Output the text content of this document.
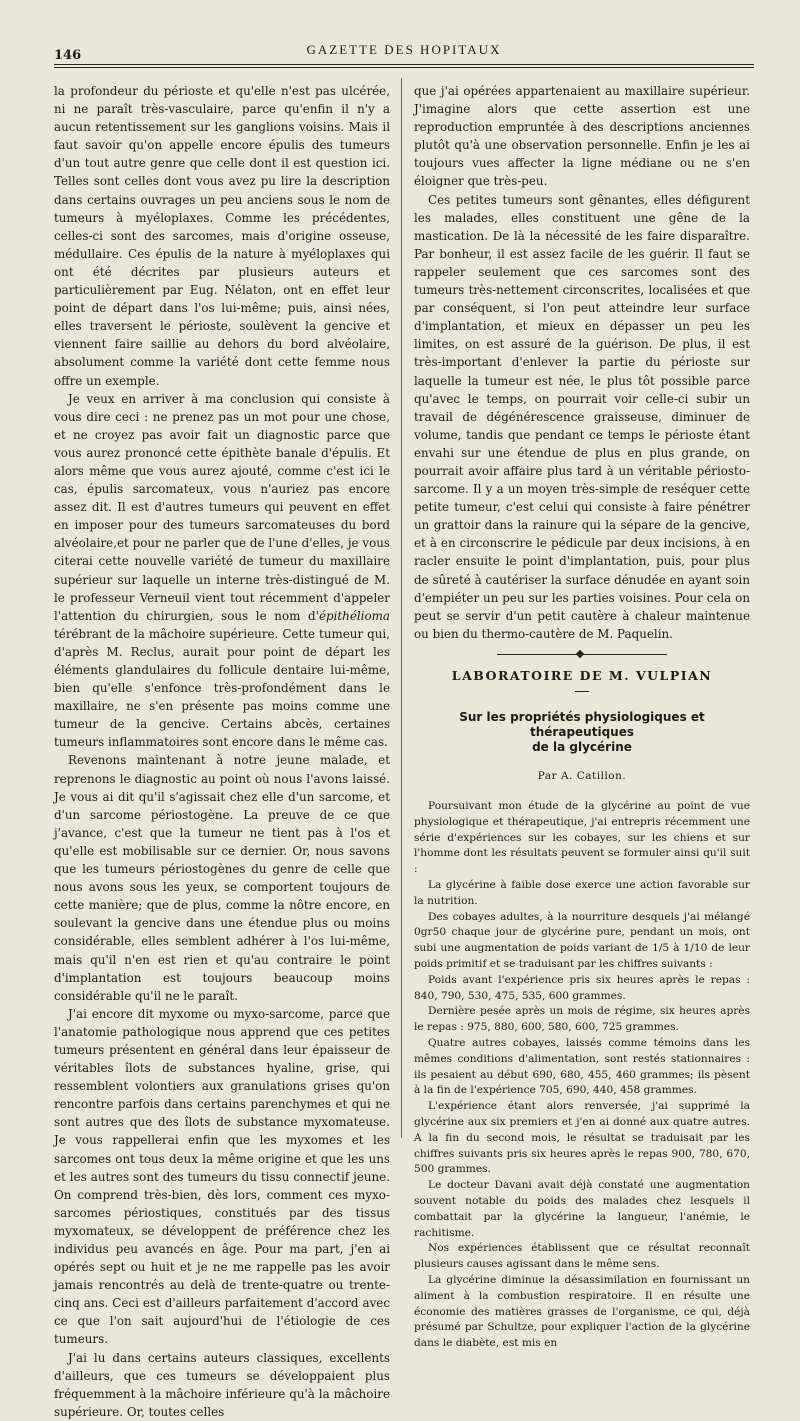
146	GAZETTE DES HOPITAUX

la profondeur du périoste et qu'elle n'est pas ulcérée, ni ne paraît très-vasculaire, parce qu'enfin il n'y a aucun retentissement sur les ganglions voisins. Mais il faut savoir qu'on appelle encore épulis des tumeurs d'un tout autre genre que celle dont il est question ici. Telles sont celles dont vous avez pu lire la description dans certains ouvrages un peu anciens sous le nom de tumeurs à myéloplaxes. Comme les précédentes, celles-ci sont des sarcomes, mais d'origine osseuse, médullaire. Ces épulis de la nature à myéloplaxes qui ont été décrites par plusieurs auteurs et particulièrement par Eug. Nélaton, ont en effet leur point de départ dans l'os lui-même; puis, ainsi nées, elles traversent le périoste, soulèvent la gencive et viennent faire saillie au dehors du bord alvéolaire, absolument comme la variété dont cette femme nous offre un exemple.

Je veux en arriver à ma conclusion qui consiste à vous dire ceci : ne prenez pas un mot pour une chose, et ne croyez pas avoir fait un diagnostic parce que vous aurez prononcé cette épithète banale d'épulis. Et alors même que vous aurez ajouté, comme c'est ici le cas, épulis sarcomateux, vous n'auriez pas encore assez dit. Il est d'autres tumeurs qui peuvent en effet en imposer pour des tumeurs sarcomateuses du bord alvéolaire,et pour ne parler que de l'une d'elles, je vous citerai cette nouvelle variété de tumeur du maxillaire supérieur sur laquelle un interne très-distingué de M. le professeur Verneuil vient tout récemment d'appeler l'attention du chirurgien, sous le nom d'épithélioma térébrant de la mâchoire supérieure. Cette tumeur qui, d'après M. Reclus, aurait pour point de départ les éléments glandulaires du follicule dentaire lui-même, bien qu'elle s'enfonce très-profondément dans le maxillaire, ne s'en présente pas moins comme une tumeur de la gencive. Certains abcès, certaines tumeurs inflammatoires sont encore dans le même cas.

Revenons maintenant à notre jeune malade, et reprenons le diagnostic au point où nous l'avons laissé. Je vous ai dit qu'il s'agissait chez elle d'un sarcome, et d'un sarcome périostogène. La preuve de ce que j'avance, c'est que la tumeur ne tient pas à l'os et qu'elle est mobilisable sur ce dernier. Or, nous savons que les tumeurs périostogènes du genre de celle que nous avons sous les yeux, se comportent toujours de cette manière; que de plus, comme la nôtre encore, en soulevant la gencive dans une étendue plus ou moins considérable, elles semblent adhérer à l'os lui-même, mais qu'il n'en est rien et qu'au contraire le point d'implantation est toujours beaucoup moins considérable qu'il ne le paraît.

J'ai encore dit myxome ou myxo-sarcome, parce que l'anatomie pathologique nous apprend que ces petites tumeurs présentent en général dans leur épaisseur de véritables îlots de substances hyaline, grise, qui ressemblent volontiers aux granulations grises qu'on rencontre parfois dans certains parenchymes et qui ne sont autres que des îlots de substance myxomateuse. Je vous rappellerai enfin que les myxomes et les sarcomes ont tous deux la même origine et que les uns et les autres sont des tumeurs du tissu connectif jeune. On comprend très-bien, dès lors, comment ces myxo-sarcomes périostiques, constitués par des tissus myxomateux, se développent de préférence chez les individus peu avancés en âge. Pour ma part, j'en ai opérés sept ou huit et je ne me rappelle pas les avoir jamais rencontrés au delà de trente-quatre ou trente-cinq ans. Ceci est d'ailleurs parfaitement d'accord avec ce que l'on sait aujourd'hui de l'étiologie de ces tumeurs.

J'ai lu dans certains auteurs classiques, excellents d'ailleurs, que ces tumeurs se développaient plus fréquemment à la mâchoire inférieure qu'à la mâchoire supérieure. Or, toutes celles

que j'ai opérées appartenaient au maxillaire supérieur. J'imagine alors que cette assertion est une reproduction empruntée à des descriptions anciennes plutôt qu'à une observation personnelle. Enfin je les ai toujours vues affecter la ligne médiane ou ne s'en éloigner que très-peu.

Ces petites tumeurs sont gênantes, elles défigurent les malades, elles constituent une gêne de la mastication. De là la nécessité de les faire disparaître. Par bonheur, il est assez facile de les guérir. Il faut se rappeler seulement que ces sarcomes sont des tumeurs très-nettement circonscrites, localisées et que par conséquent, si l'on peut atteindre leur surface d'implantation, et mieux en dépasser un peu les limites, on est assuré de la guérison. De plus, il est très-important d'enlever la partie du périoste sur laquelle la tumeur est née, le plus tôt possible parce qu'avec le temps, on pourrait voir celle-ci subir un travail de dégénérescence graisseuse, diminuer de volume, tandis que pendant ce temps le périoste étant envahi sur une étendue de plus en plus grande, on pourrait avoir affaire plus tard à un véritable périosto-sarcome. Il y a un moyen très-simple de reséquer cette petite tumeur, c'est celui qui consiste à faire pénétrer un grattoir dans la rainure qui la sépare de la gencive, et à en circonscrire le pédicule par deux incisions, à en racler ensuite le point d'implantation, puis, pour plus de sûreté à cautériser la surface dénudée en ayant soin d'empiéter un peu sur les parties voisines. Pour cela on peut se servir d'un petit cautère à chaleur maintenue ou bien du thermo-cautère de M. Paquelin.

LABORATOIRE DE M. VULPIAN
Sur les propriétés physiologiques et thérapeutiques
de la glycérine
Par A. Catillon.

Poursuivant mon étude de la glycérine au point de vue physiologique et thérapeutique, j'ai entrepris récemment une série d'expériences sur les cobayes, sur les chiens et sur l'homme dont les résultats peuvent se formuler ainsi qu'il suit :

La glycérine à faible dose exerce une action favorable sur la nutrition.

Des cobayes adultes, à la nourriture desquels j'ai mélangé 0gr50 chaque jour de glycérine pure, pendant un mois, ont subi une augmentation de poids variant de 1/5 à 1/10 de leur poids primitif et se traduisant par les chiffres suivants :

Poids avant l'expérience pris six heures après le repas : 840, 790, 530, 475, 535, 600 grammes.

Dernière pesée après un mois de régime, six heures après le repas : 975, 880, 600, 580, 600, 725 grammes.

Quatre autres cobayes, laissés comme témoins dans les mêmes conditions d'alimentation, sont restés stationnaires : ils pesaient au début 690, 680, 455, 460 grammes; ils pèsent à la fin de l'expérience 705, 690, 440, 458 grammes.

L'expérience étant alors renversée, j'ai supprimé la glycérine aux six premiers et j'en ai donné aux quatre autres. A la fin du second mois, le résultat se traduisait par les chiffres suivants pris six heures après le repas 900, 780, 670, 500 grammes.

Le docteur Davani avait déjà constaté une augmentation souvent notable du poids des malades chez lesquels il combattait par la glycérine la langueur, l'anémie, le rachitisme.

Nos expériences établissent que ce résultat reconnaît plusieurs causes agissant dans le même sens.

La glycérine diminue la désassimilation en fournissant un aliment à la combustion respiratoire. Il en résulte une économie des matières grasses de l'organisme, ce qui, déjà présumé par Schultze, pour expliquer l'action de la glycérine dans le diabète, est mis en
